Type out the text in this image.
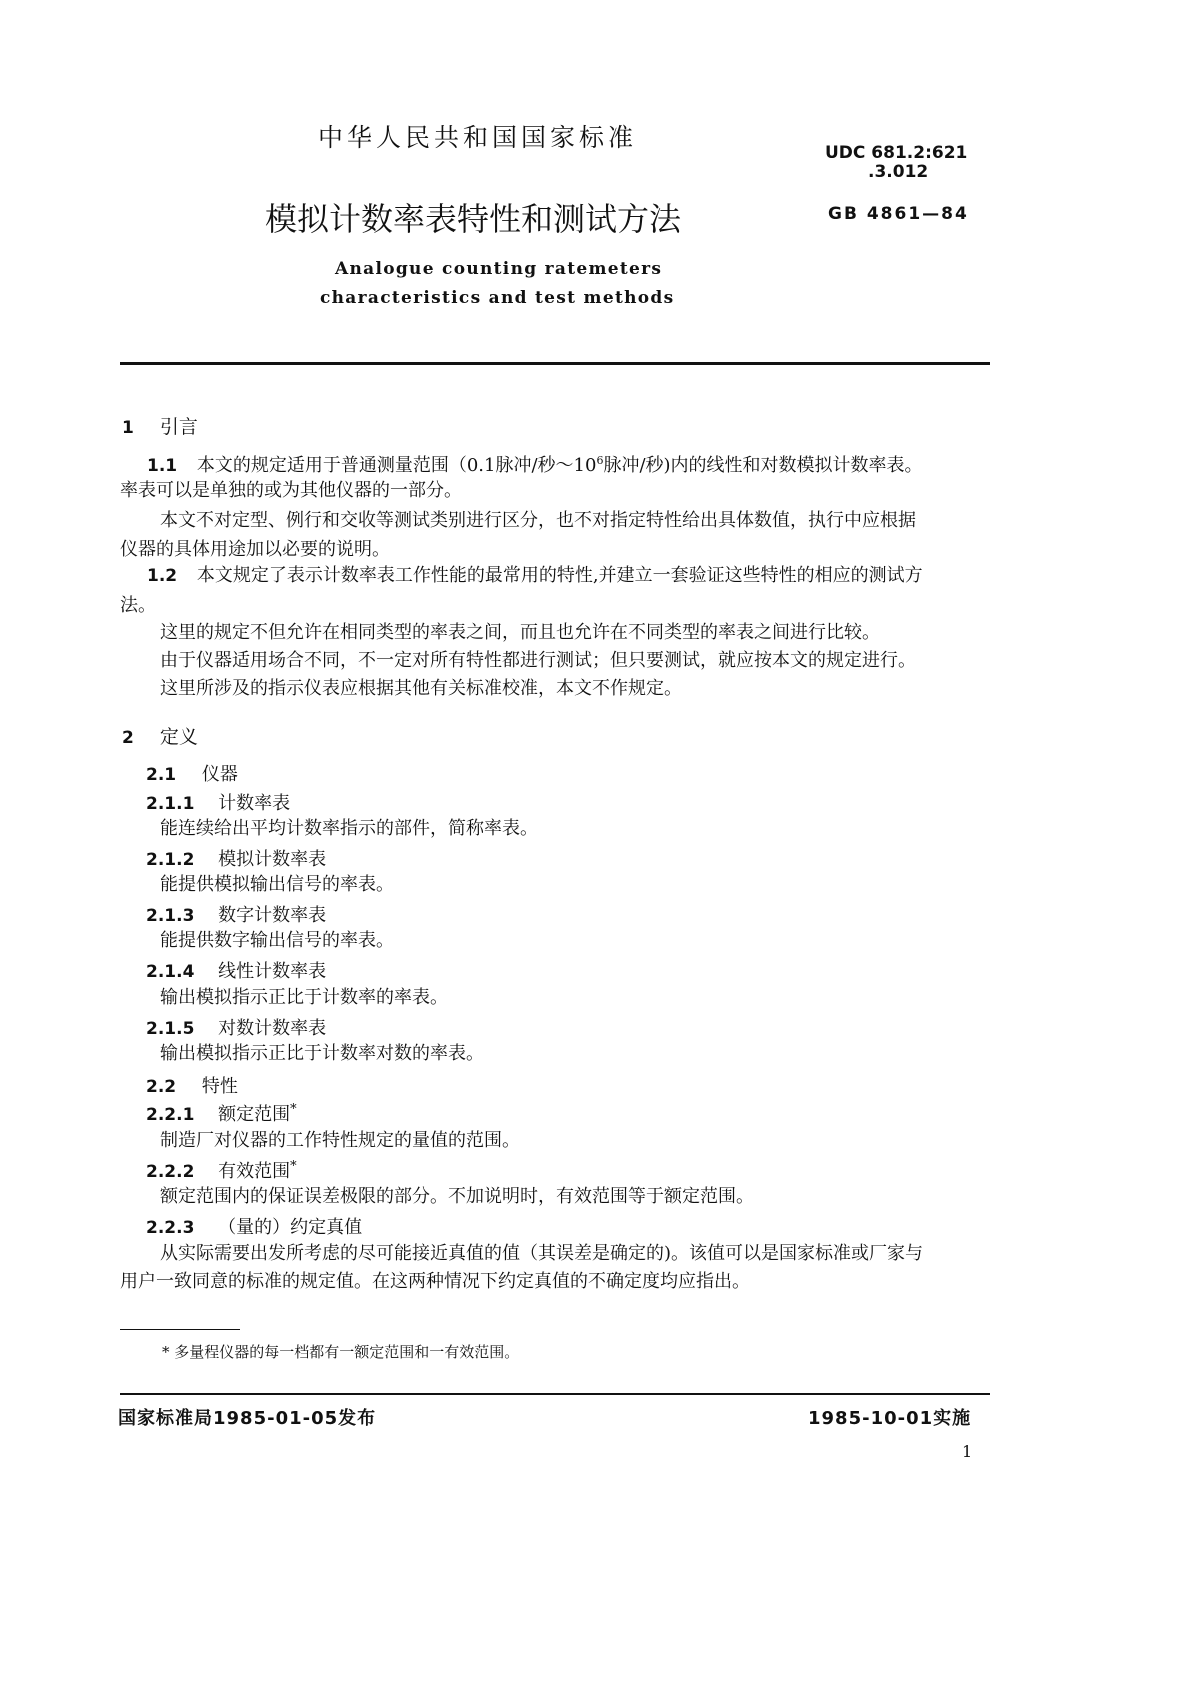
中华人民共和国国家标准
UDC 681.2:621
.3.012
模拟计数率表特性和测试方法	GB 4861—84
Analogue counting ratemeters
characteristics and test methods
1 引言
1.1 本文的规定适用于普通测量范围（0.1脉冲/秒$\sim 10^6$脉冲/秒)内的线性和对数模拟计数率表。
率表可以是单独的或为其他仪器的一部分。
本文不对定型、例行和交收等测试类别进行区分，也不对指定特性给出具体数值，执行中应根据
仪器的具体用途加以必要的说明。
1.2 本文规定了表示计数率表工作性能的最常用的特性,并建立一套验证这些特性的相应的测试方
法。
这里的规定不但允许在相同类型的率表之间，而且也允许在不同类型的率表之间进行比较。
由于仪器适用场合不同，不一定对所有特性都进行测试；但只要测试，就应按本文的规定进行。
这里所涉及的指示仪表应根据其他有关标准校准，本文不作规定。
2 定义
2.1 仪器
2.1.1 计数率表
能连续给出平均计数率指示的部件，简称率表。
2.1.2 模拟计数率表
能提供模拟输出信号的率表。
2.1.3 数字计数率表
能提供数字输出信号的率表。
2.1.4 线性计数率表
输出模拟指示正比于计数率的率表。
2.1.5 对数计数率表
输出模拟指示正比于计数率对数的率表。
2.2 特性
2.2.1 额定范围*
制造厂对仪器的工作特性规定的量值的范围。
2.2.2 有效范围*
额定范围内的保证误差极限的部分。不加说明时，有效范围等于额定范围。
2.2.3 （量的）约定真值
从实际需要出发所考虑的尽可能接近真值的值（其误差是确定的)。该值可以是国家标准或厂家与
用户一致同意的标准的规定值。在这两种情况下约定真值的不确定度均应指出。
* 多量程仪器的每一档都有一额定范围和一有效范围。
国家标准局1985-01-05发布	1985-10-01实施
1
